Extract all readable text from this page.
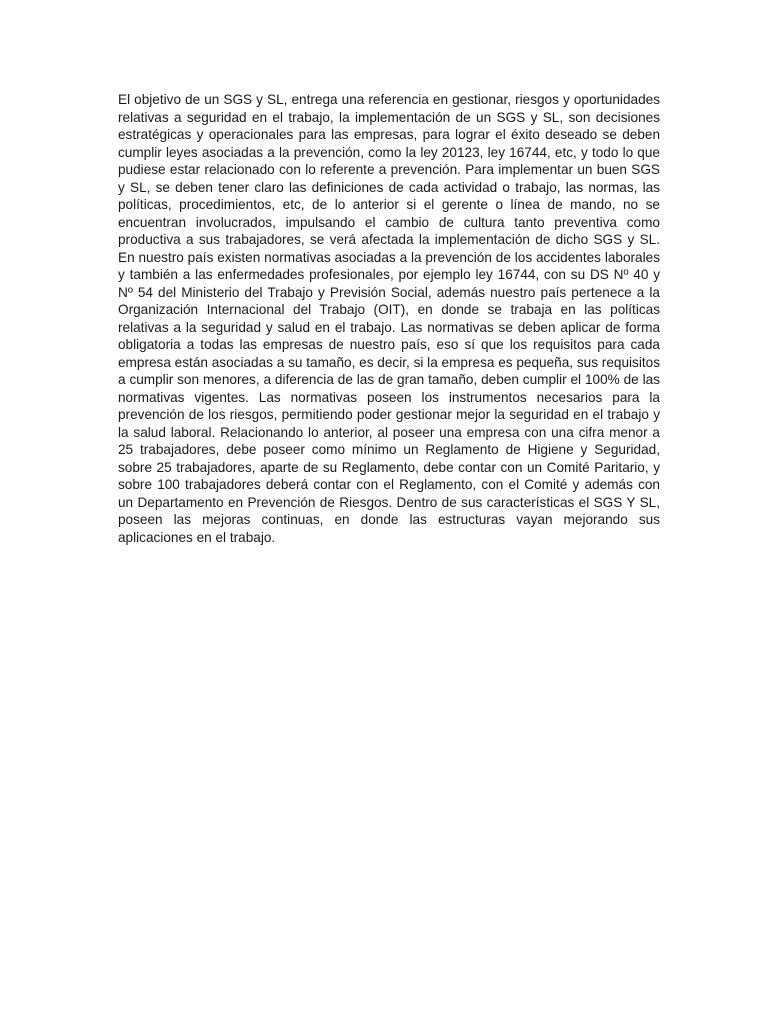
El objetivo de un SGS y SL, entrega una referencia en gestionar, riesgos y oportunidades relativas a seguridad en el trabajo, la implementación de un SGS y SL, son decisiones estratégicas y operacionales para las empresas, para lograr el éxito deseado se deben cumplir leyes asociadas a la prevención, como la ley 20123, ley 16744, etc, y todo lo que pudiese estar relacionado con lo referente a prevención. Para implementar un buen SGS y SL, se deben tener claro las definiciones de cada actividad o trabajo, las normas, las políticas, procedimientos, etc, de lo anterior si el gerente o línea de mando, no se encuentran involucrados, impulsando el cambio de cultura tanto preventiva como productiva a sus trabajadores, se verá afectada la implementación de dicho SGS y SL. En nuestro país existen normativas asociadas a la prevención de los accidentes laborales y también a las enfermedades profesionales, por ejemplo ley 16744, con su DS Nº 40 y Nº 54 del Ministerio del Trabajo y Previsión Social, además nuestro país pertenece a la Organización Internacional del Trabajo (OIT), en donde se trabaja en las políticas relativas a la seguridad y salud en el trabajo. Las normativas se deben aplicar de forma obligatoria a todas las empresas de nuestro país, eso sí que los requisitos para cada empresa están asociadas a su tamaño, es decir, si la empresa es pequeña, sus requisitos a cumplir son menores, a diferencia de las de gran tamaño, deben cumplir el 100% de las normativas vigentes. Las normativas poseen los instrumentos necesarios para la prevención de los riesgos, permitiendo poder gestionar mejor la seguridad en el trabajo y la salud laboral. Relacionando lo anterior, al poseer una empresa con una cifra menor a 25 trabajadores, debe poseer como mínimo un Reglamento de Higiene y Seguridad, sobre 25 trabajadores, aparte de su Reglamento, debe contar con un Comité Paritario, y sobre 100 trabajadores deberá contar con el Reglamento, con el Comité y además con un Departamento en Prevención de Riesgos. Dentro de sus características el SGS Y SL, poseen las mejoras continuas, en donde las estructuras vayan mejorando sus aplicaciones en el trabajo.
